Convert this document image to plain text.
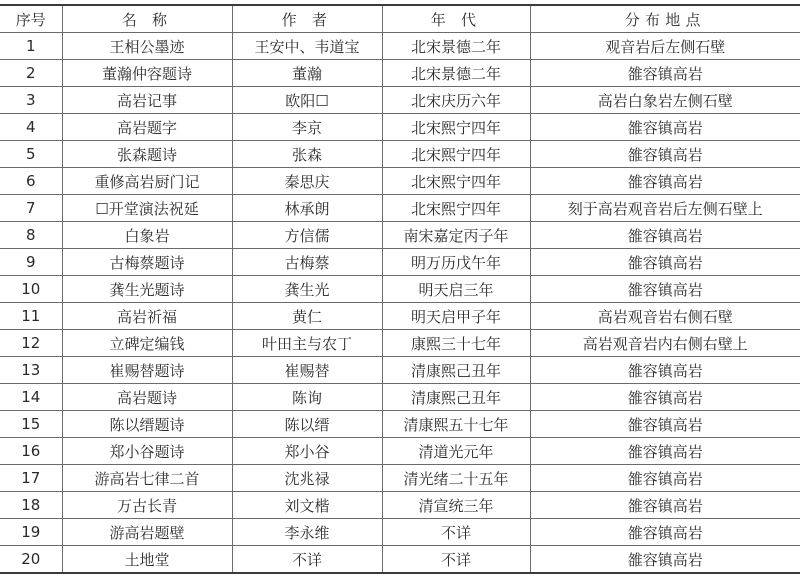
序号	名 称	作 者	年 代	分布地点
1	王相公墨迹	王安中、韦道宝	北宋景德二年	观音岩后左侧石壁
2	董瀚仲容题诗	董瀚	北宋景德二年	雒容镇高岩
3	高岩记事	欧阳☐	北宋庆历六年	高岩白象岩左侧石壁
4	高岩题字	李京	北宋熙宁四年	雒容镇高岩
5	张森题诗	张森	北宋熙宁四年	雒容镇高岩
6	重修高岩厨门记	秦思庆	北宋熙宁四年	雒容镇高岩
7	☐开堂演法祝延	林承朗	北宋熙宁四年	刻于高岩观音岩后左侧石壁上
8	白象岩	方信儒	南宋嘉定丙子年	雒容镇高岩
9	古梅蔡题诗	古梅蔡	明万历戊午年	雒容镇高岩
10	龚生光题诗	龚生光	明天启三年	雒容镇高岩
11	高岩祈福	黄仁	明天启甲子年	高岩观音岩右侧石壁
12	立碑定编钱	叶田主与农丁	康熙三十七年	高岩观音岩内右侧右壁上
13	崔赐替题诗	崔赐替	清康熙己丑年	雒容镇高岩
14	高岩题诗	陈询	清康熙己丑年	雒容镇高岩
15	陈以缙题诗	陈以缙	清康熙五十七年	雒容镇高岩
16	郑小谷题诗	郑小谷	清道光元年	雒容镇高岩
17	游高岩七律二首	沈兆禄	清光绪二十五年	雒容镇高岩
18	万古长青	刘文楷	清宣统三年	雒容镇高岩
19	游高岩题壁	李永维	不详	雒容镇高岩
20	土地堂	不详	不详	雒容镇高岩
